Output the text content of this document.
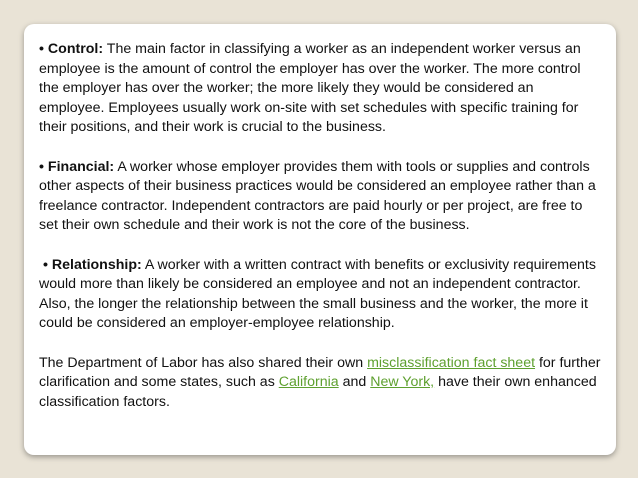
• Control: The main factor in classifying a worker as an independent worker versus an employee is the amount of control the employer has over the worker. The more control the employer has over the worker; the more likely they would be considered an employee. Employees usually work on-site with set schedules with specific training for their positions, and their work is crucial to the business.

• Financial: A worker whose employer provides them with tools or supplies and controls other aspects of their business practices would be considered an employee rather than a freelance contractor. Independent contractors are paid hourly or per project, are free to set their own schedule and their work is not the core of the business.

• Relationship: A worker with a written contract with benefits or exclusivity requirements would more than likely be considered an employee and not an independent contractor. Also, the longer the relationship between the small business and the worker, the more it could be considered an employer-employee relationship.

The Department of Labor has also shared their own misclassification fact sheet for further clarification and some states, such as California and New York, have their own enhanced classification factors.
